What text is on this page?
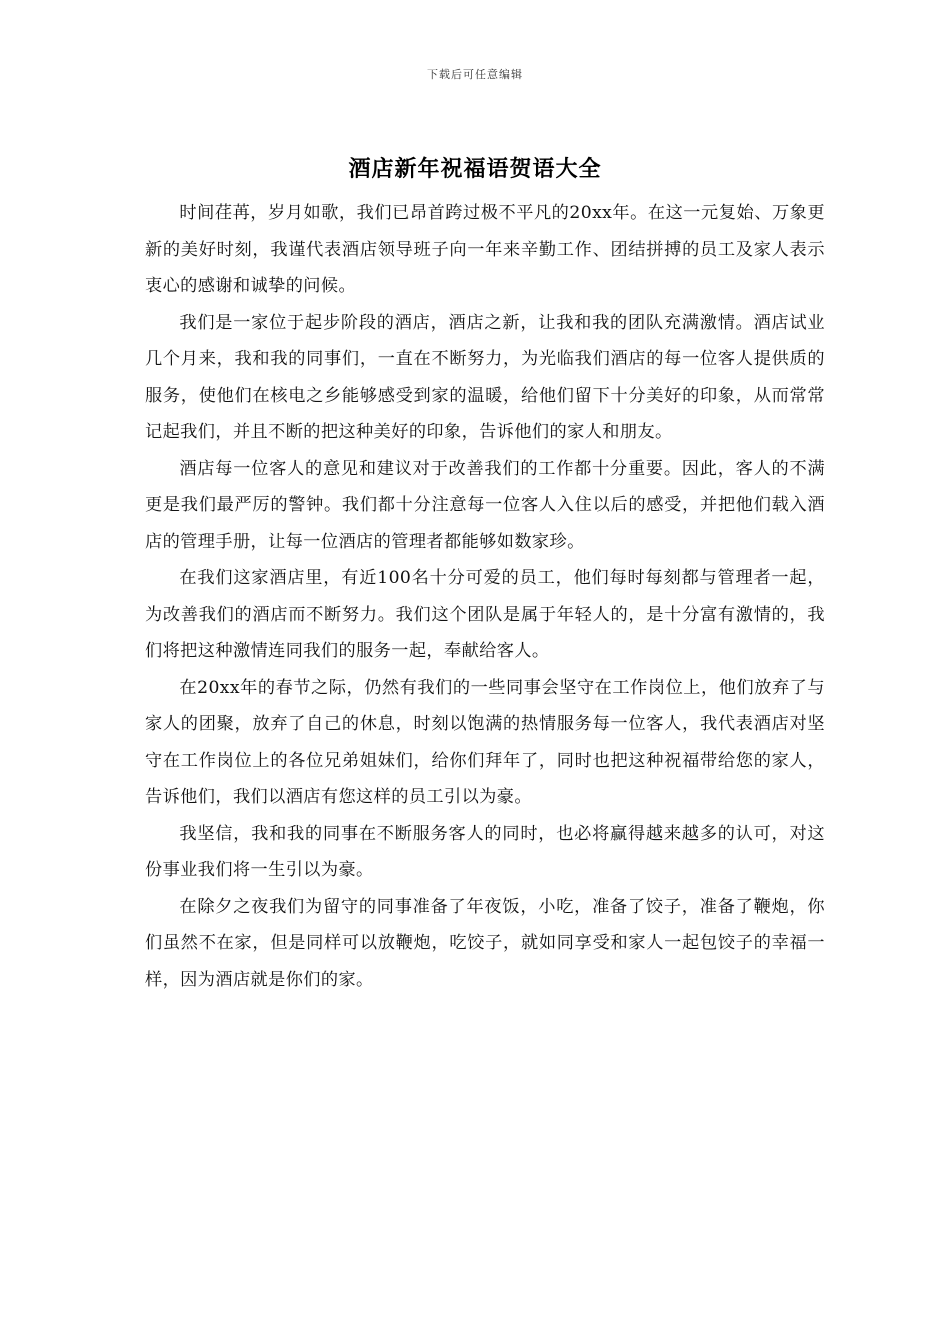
下载后可任意编辑
酒店新年祝福语贺语大全

时间荏苒，岁月如歌，我们已昂首跨过极不平凡的20xx年。在这一元复始、万象更新的美好时刻，我谨代表酒店领导班子向一年来辛勤工作、团结拼搏的员工及家人表示衷心的感谢和诚挚的问候。

我们是一家位于起步阶段的酒店，酒店之新，让我和我的团队充满激情。酒店试业几个月来，我和我的同事们，一直在不断努力，为光临我们酒店的每一位客人提供质的服务，使他们在核电之乡能够感受到家的温暖，给他们留下十分美好的印象，从而常常记起我们，并且不断的把这种美好的印象，告诉他们的家人和朋友。

酒店每一位客人的意见和建议对于改善我们的工作都十分重要。因此，客人的不满更是我们最严厉的警钟。我们都十分注意每一位客人入住以后的感受，并把他们载入酒店的管理手册，让每一位酒店的管理者都能够如数家珍。

在我们这家酒店里，有近100名十分可爱的员工，他们每时每刻都与管理者一起，为改善我们的酒店而不断努力。我们这个团队是属于年轻人的，是十分富有激情的，我们将把这种激情连同我们的服务一起，奉献给客人。

在20xx年的春节之际，仍然有我们的一些同事会坚守在工作岗位上，他们放弃了与家人的团聚，放弃了自己的休息，时刻以饱满的热情服务每一位客人，我代表酒店对坚守在工作岗位上的各位兄弟姐妹们，给你们拜年了，同时也把这种祝福带给您的家人，告诉他们，我们以酒店有您这样的员工引以为豪。

我坚信，我和我的同事在不断服务客人的同时，也必将赢得越来越多的认可，对这份事业我们将一生引以为豪。

在除夕之夜我们为留守的同事准备了年夜饭，小吃，准备了饺子，准备了鞭炮，你们虽然不在家，但是同样可以放鞭炮，吃饺子，就如同享受和家人一起包饺子的幸福一样，因为酒店就是你们的家。
